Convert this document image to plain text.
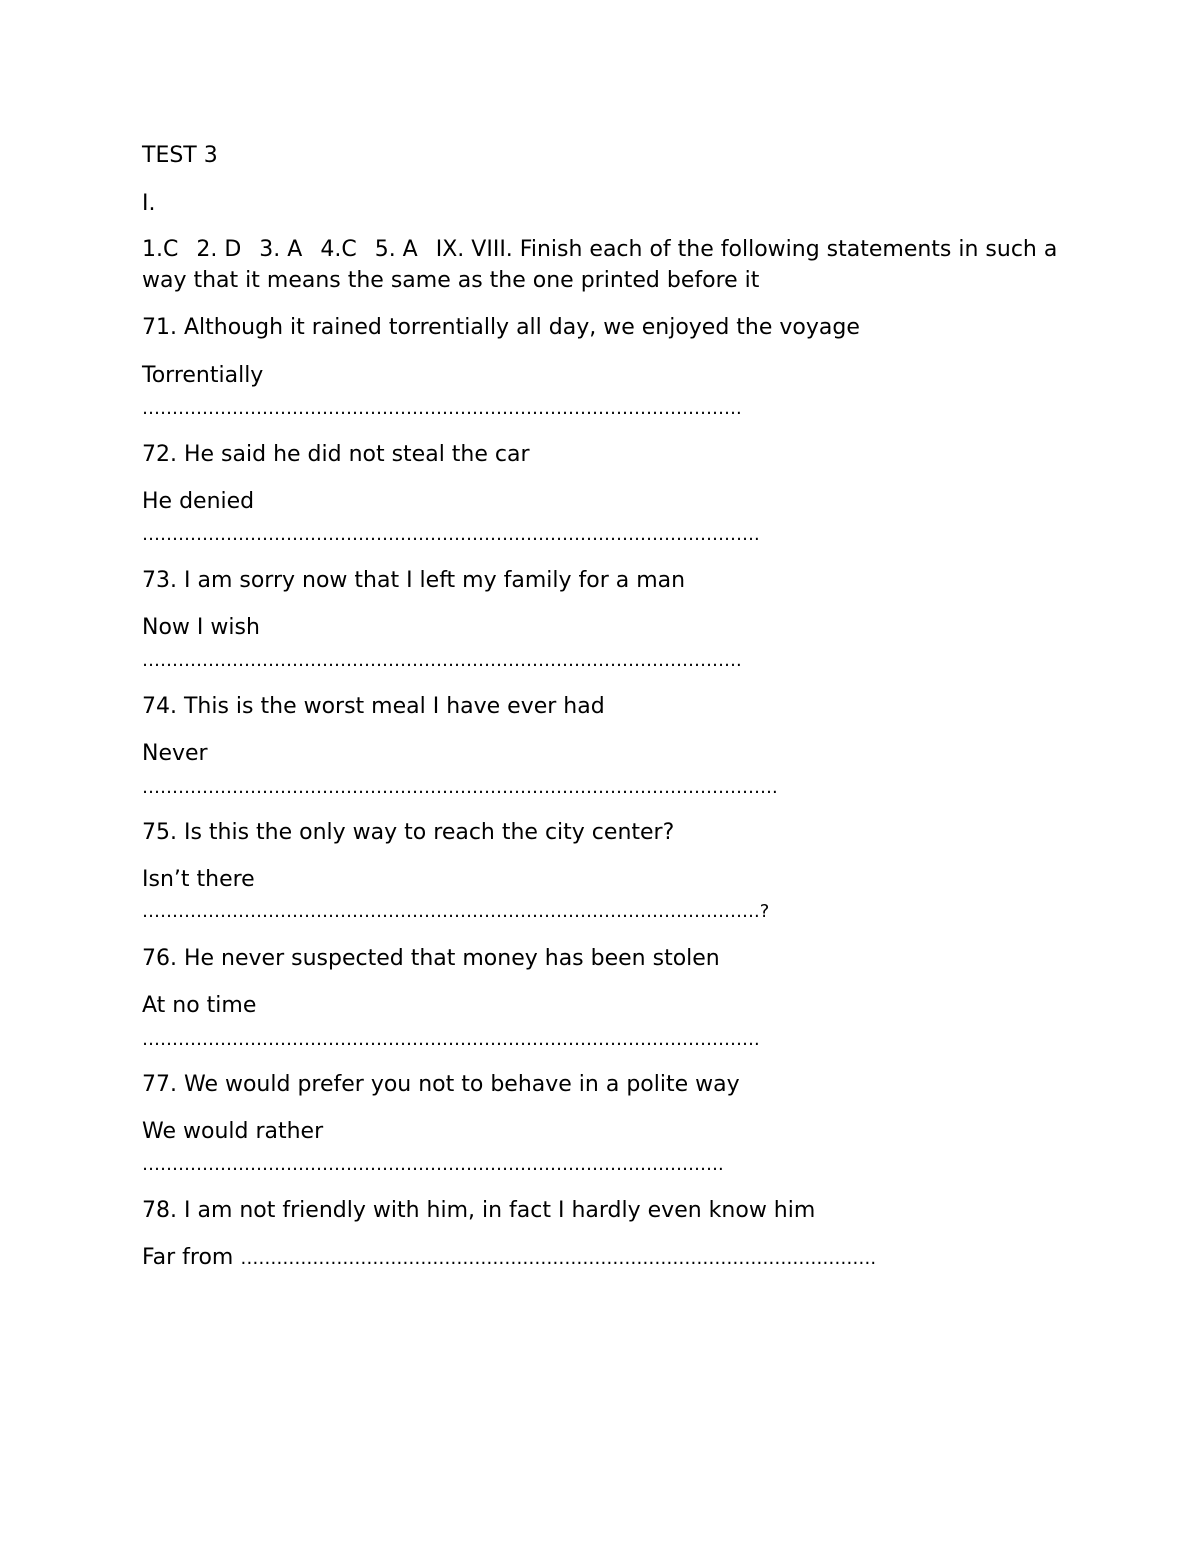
TEST 3
I.
1.C 2. D 3. A 4.C 5. A IX. VIII. Finish each of the following statements in such a way that it means the same as the one printed before it
71. Although it rained torrentially all day, we enjoyed the voyage
Torrentially
……………………………………………………………………………………….
72. He said he did not steal the car
He denied
………………………………………………………………………………………….
73. I am sorry now that I left my family for a man
Now I wish
……………………………………………………………………………………….
74. This is the worst meal I have ever had
Never
…………………………………………………………………………………………….
75. Is this the only way to reach the city center?
Isn’t there
………………………………………………………………………………………….?
76. He never suspected that money has been stolen
At no time
………………………………………………………………………………………….
77. We would prefer you not to behave in a polite way
We would rather
…………………………………………………………………………………….
78. I am not friendly with him, in fact I hardly even know him
Far from …………………………………………………………………………………………….
